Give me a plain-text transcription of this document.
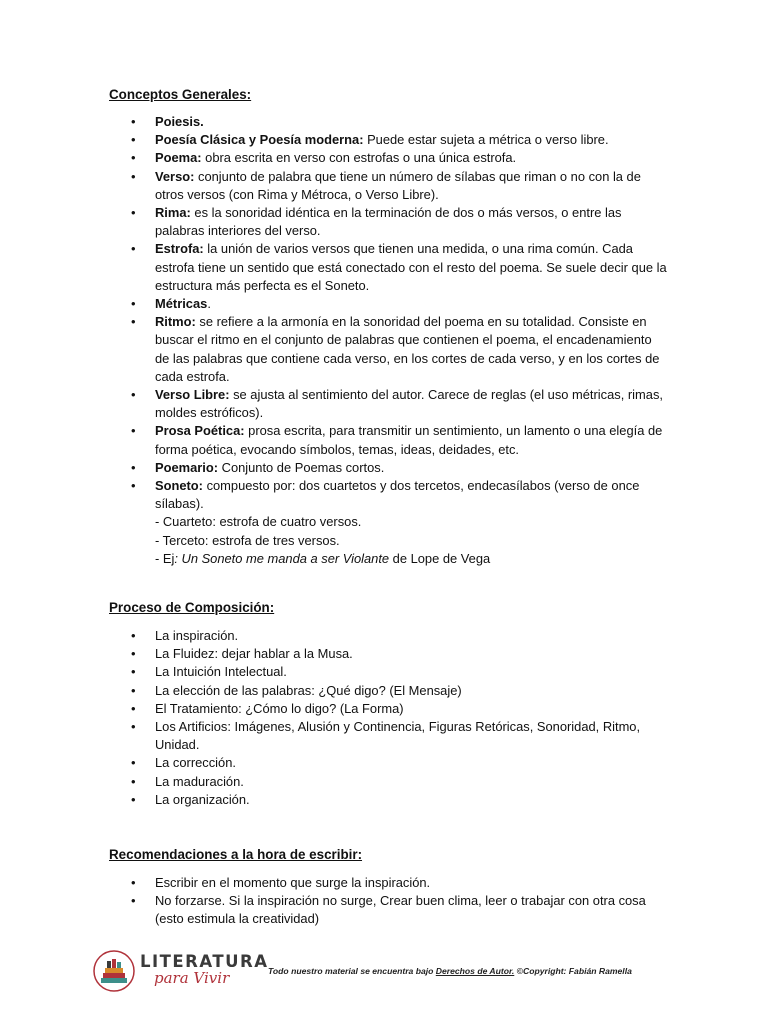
Conceptos Generales:
• Poiesis.
• Poesía Clásica y Poesía moderna: Puede estar sujeta a métrica o verso libre.
• Poema: obra escrita en verso con estrofas o una única estrofa.
• Verso: conjunto de palabra que tiene un número de sílabas que riman o no con la de otros versos (con Rima y Métroca, o Verso Libre).
• Rima: es la sonoridad idéntica en la terminación de dos o más versos, o entre las palabras interiores del verso.
• Estrofa: la unión de varios versos que tienen una medida, o una rima común. Cada estrofa tiene un sentido que está conectado con el resto del poema. Se suele decir que la estructura más perfecta es el Soneto.
• Métricas.
• Ritmo: se refiere a la armonía en la sonoridad del poema en su totalidad. Consiste en buscar el ritmo en el conjunto de palabras que contienen el poema, el encadenamiento de las palabras que contiene cada verso, en los cortes de cada verso, y en los cortes de cada estrofa.
• Verso Libre: se ajusta al sentimiento del autor. Carece de reglas (el uso métricas, rimas, moldes estróficos).
• Prosa Poética: prosa escrita, para transmitir un sentimiento, un lamento o una elegía de forma poética, evocando símbolos, temas, ideas, deidades, etc.
• Poemario: Conjunto de Poemas cortos.
• Soneto: compuesto por: dos cuartetos y dos tercetos, endecasílabos (verso de once sílabas).
- Cuarteto: estrofa de cuatro versos.
- Terceto: estrofa de tres versos.
- Ej: Un Soneto me manda a ser Violante de Lope de Vega
Proceso de Composición:
• La inspiración.
• La Fluidez: dejar hablar a la Musa.
• La Intuición Intelectual.
• La elección de las palabras: ¿Qué digo? (El Mensaje)
• El Tratamiento: ¿Cómo lo digo? (La Forma)
• Los Artificios: Imágenes, Alusión y Continencia, Figuras Retóricas, Sonoridad, Ritmo, Unidad.
• La corrección.
• La maduración.
• La organización.
Recomendaciones a la hora de escribir:
• Escribir en el momento que surge la inspiración.
• No forzarse. Si la inspiración no surge, Crear buen clima, leer o trabajar con otra cosa (esto estimula la creatividad)
LITERATURA
para Vivir	Todo nuestro material se encuentra bajo Derechos de Autor. ©Copyright: Fabián Ramella
